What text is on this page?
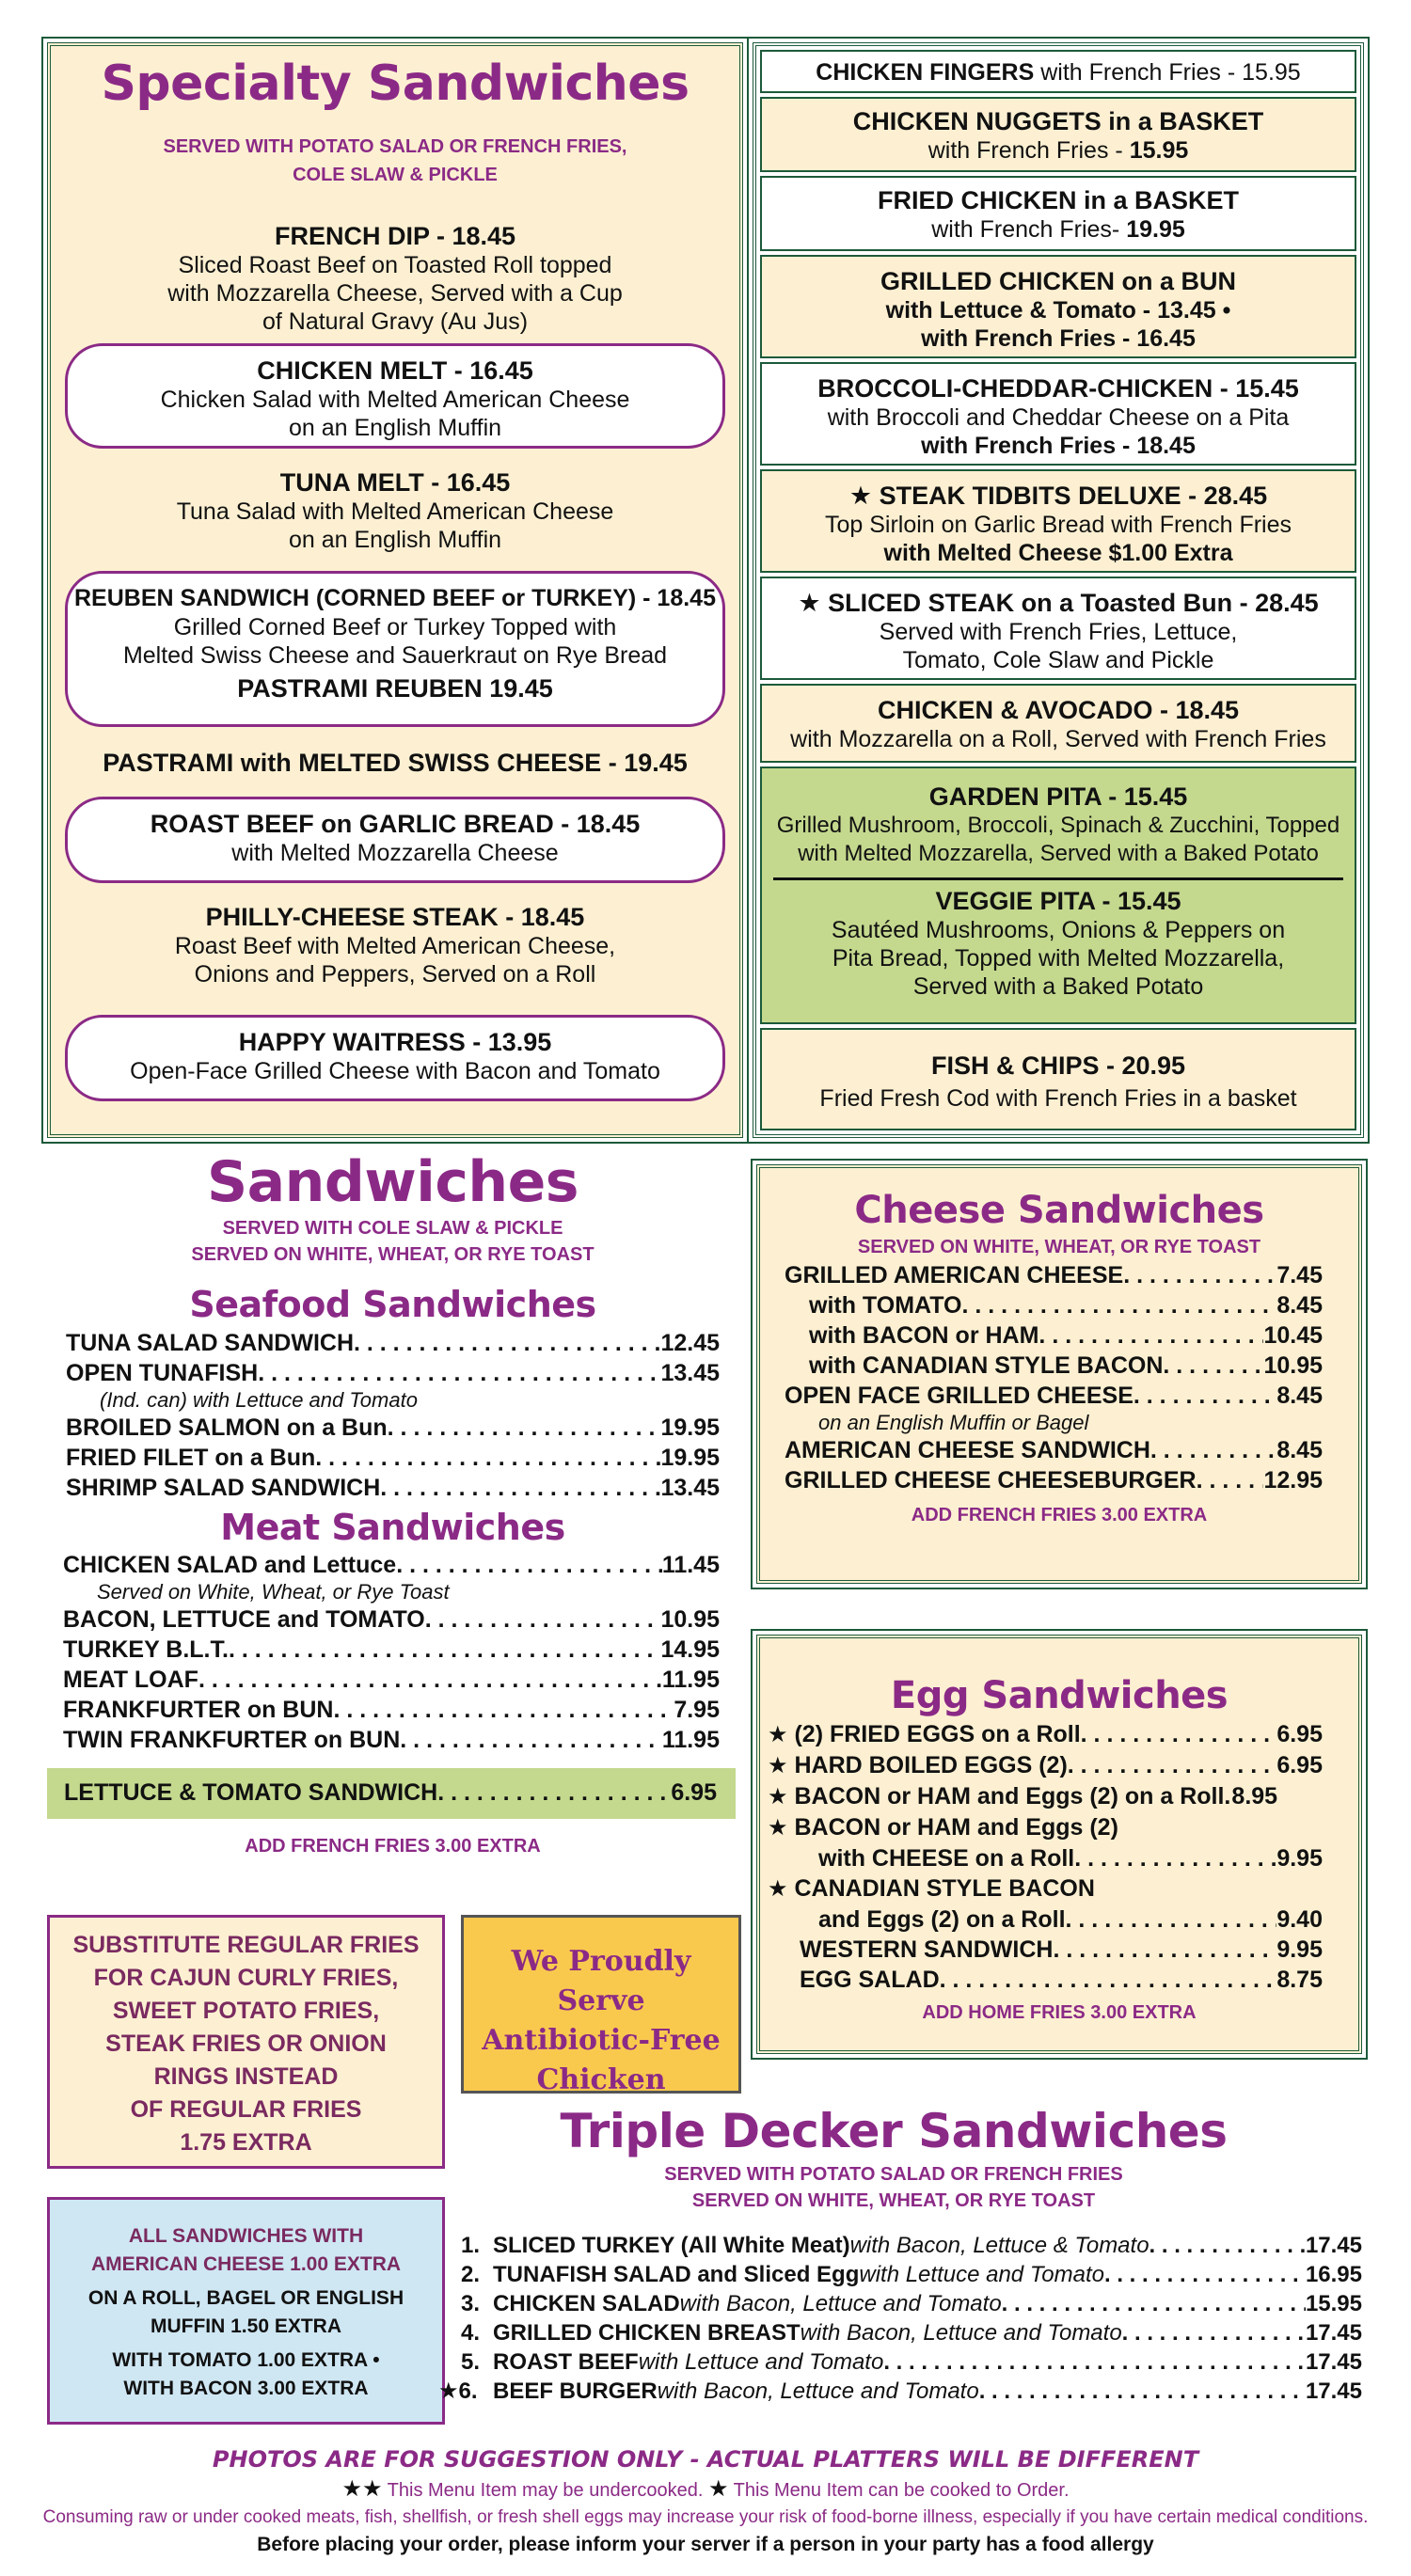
Specialty Sandwiches
SERVED WITH POTATO SALAD OR FRENCH FRIES,
COLE SLAW & PICKLE
FRENCH DIP - 18.45
Sliced Roast Beef on Toasted Roll topped
with Mozzarella Cheese, Served with a Cup
of Natural Gravy (Au Jus)
CHICKEN MELT - 16.45
Chicken Salad with Melted American Cheese
on an English Muffin
TUNA MELT - 16.45
Tuna Salad with Melted American Cheese
on an English Muffin
REUBEN SANDWICH (CORNED BEEF or TURKEY) - 18.45
Grilled Corned Beef or Turkey Topped with
Melted Swiss Cheese and Sauerkraut on Rye Bread
PASTRAMI REUBEN 19.45
PASTRAMI with MELTED SWISS CHEESE - 19.45
ROAST BEEF on GARLIC BREAD - 18.45
with Melted Mozzarella Cheese
PHILLY-CHEESE STEAK - 18.45
Roast Beef with Melted American Cheese,
Onions and Peppers, Served on a Roll
HAPPY WAITRESS - 13.95
Open-Face Grilled Cheese with Bacon and Tomato
CHICKEN FINGERS with French Fries - 15.95
CHICKEN NUGGETS in a BASKET
with French Fries - 15.95
FRIED CHICKEN in a BASKET
with French Fries- 19.95
GRILLED CHICKEN on a BUN
with Lettuce & Tomato - 13.45 •
with French Fries - 16.45
BROCCOLI-CHEDDAR-CHICKEN - 15.45
with Broccoli and Cheddar Cheese on a Pita
with French Fries - 18.45
★ STEAK TIDBITS DELUXE - 28.45
Top Sirloin on Garlic Bread with French Fries
with Melted Cheese $1.00 Extra
★ SLICED STEAK on a Toasted Bun - 28.45
Served with French Fries, Lettuce,
Tomato, Cole Slaw and Pickle
CHICKEN & AVOCADO - 18.45
with Mozzarella on a Roll, Served with French Fries
GARDEN PITA - 15.45
Grilled Mushroom, Broccoli, Spinach & Zucchini, Topped
with Melted Mozzarella, Served with a Baked Potato
VEGGIE PITA - 15.45
Sautéed Mushrooms, Onions & Peppers on
Pita Bread, Topped with Melted Mozzarella,
Served with a Baked Potato
FISH & CHIPS - 20.95
Fried Fresh Cod with French Fries in a basket
Sandwiches
SERVED WITH COLE SLAW & PICKLE
SERVED ON WHITE, WHEAT, OR RYE TOAST
Seafood Sandwiches
TUNA SALAD SANDWICH . . .	12.45
OPEN TUNAFISH . . .	13.45
(Ind. can) with Lettuce and Tomato
BROILED SALMON on a Bun . . .	19.95
FRIED FILET on a Bun . . .	19.95
SHRIMP SALAD SANDWICH . . .	13.45
Meat Sandwiches
CHICKEN SALAD and Lettuce . . .	11.45
Served on White, Wheat, or Rye Toast
BACON, LETTUCE and TOMATO . . .	10.95
TURKEY B.L.T. . . .	14.95
MEAT LOAF . . .	11.95
FRANKFURTER on BUN . . .	7.95
TWIN FRANKFURTER on BUN . . .	11.95
LETTUCE & TOMATO SANDWICH . . .	6.95
ADD FRENCH FRIES 3.00 EXTRA
SUBSTITUTE REGULAR FRIES
FOR CAJUN CURLY FRIES,
SWEET POTATO FRIES,
STEAK FRIES OR ONION
RINGS INSTEAD
OF REGULAR FRIES
1.75 EXTRA
We Proudly Serve
Antibiotic-Free
Chicken
ALL SANDWICHES WITH
AMERICAN CHEESE 1.00 EXTRA
ON A ROLL, BAGEL OR ENGLISH
MUFFIN 1.50 EXTRA
WITH TOMATO 1.00 EXTRA •
WITH BACON 3.00 EXTRA
Cheese Sandwiches
SERVED ON WHITE, WHEAT, OR RYE TOAST
GRILLED AMERICAN CHEESE . . .	7.45
with TOMATO . . .	8.45
with BACON or HAM . . .	10.45
with CANADIAN STYLE BACON . . .	10.95
OPEN FACE GRILLED CHEESE . . .	8.45
on an English Muffin or Bagel
AMERICAN CHEESE SANDWICH . . .	8.45
GRILLED CHEESE CHEESEBURGER . . .	12.95
ADD FRENCH FRIES 3.00 EXTRA
Egg Sandwiches
★ (2) FRIED EGGS on a Roll . . .	6.95
★ HARD BOILED EGGS (2) . . .	6.95
★ BACON or HAM and Eggs (2) on a Roll . . . 8.95
★ BACON or HAM and Eggs (2)
with CHEESE on a Roll . . .	9.95
★ CANADIAN STYLE BACON
and Eggs (2) on a Roll . . .	9.40
WESTERN SANDWICH . . .	9.95
EGG SALAD . . .	8.75
ADD HOME FRIES 3.00 EXTRA
Triple Decker Sandwiches
SERVED WITH POTATO SALAD OR FRENCH FRIES
SERVED ON WHITE, WHEAT, OR RYE TOAST
1. SLICED TURKEY (All White Meat) with Bacon, Lettuce & Tomato . . .	17.45
2. TUNAFISH SALAD and Sliced Egg with Lettuce and Tomato . . .	16.95
3. CHICKEN SALAD with Bacon, Lettuce and Tomato . . .	15.95
4. GRILLED CHICKEN BREAST with Bacon, Lettuce and Tomato . . .	17.45
5. ROAST BEEF with Lettuce and Tomato . . .	17.45
★6. BEEF BURGER with Bacon, Lettuce and Tomato . . .	17.45
PHOTOS ARE FOR SUGGESTION ONLY - ACTUAL PLATTERS WILL BE DIFFERENT
★★ This Menu Item may be undercooked. ★ This Menu Item can be cooked to Order.
Consuming raw or under cooked meats, fish, shellfish, or fresh shell eggs may increase your risk of food-borne illness, especially if you have certain medical conditions.
Before placing your order, please inform your server if a person in your party has a food allergy
